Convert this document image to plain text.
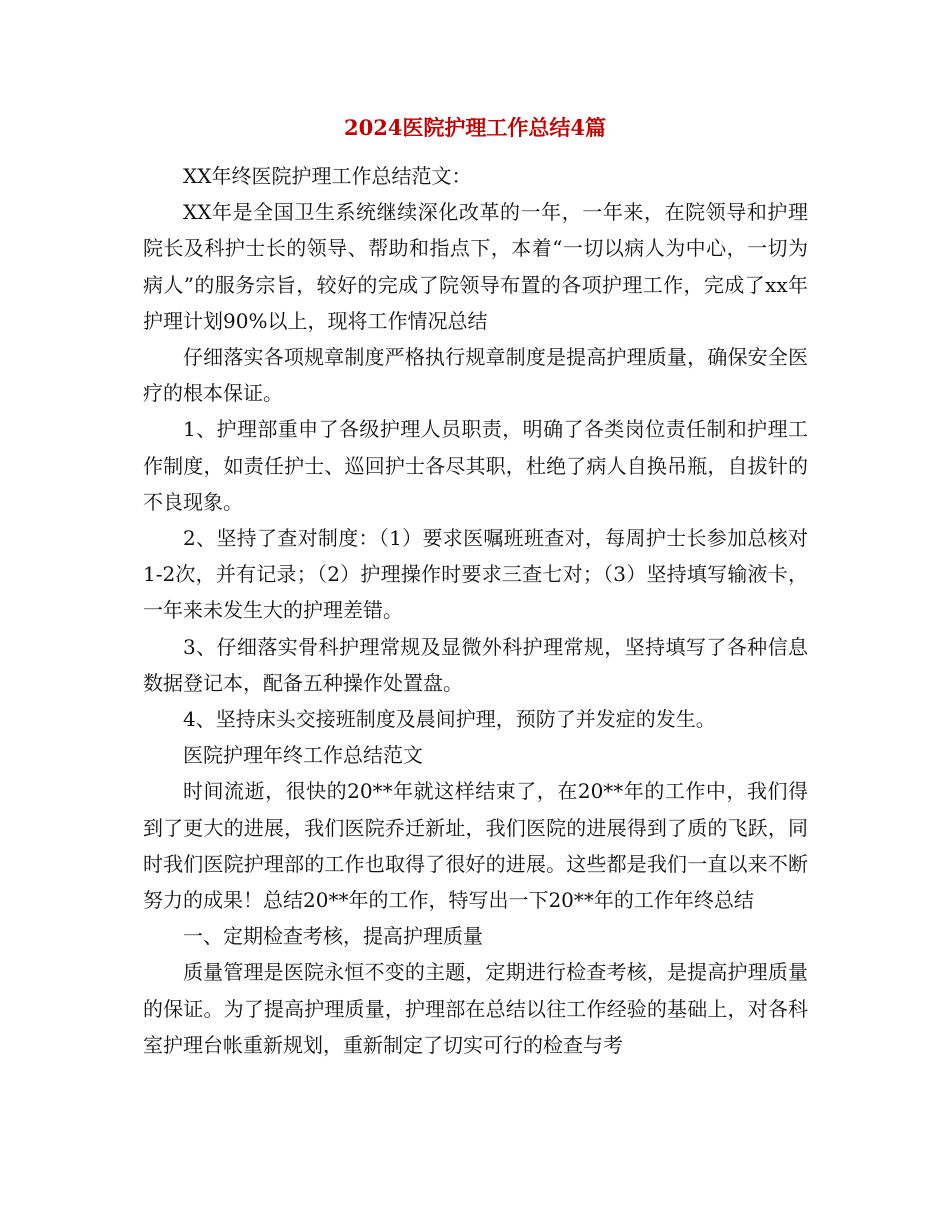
2024医院护理工作总结4篇

XX年终医院护理工作总结范文：

XX年是全国卫生系统继续深化改革的一年，一年来，在院领导和护理院长及科护士长的领导、帮助和指点下，本着“一切以病人为中心，一切为病人”的服务宗旨，较好的完成了院领导布置的各项护理工作，完成了xx年护理计划90%以上，现将工作情况总结

仔细落实各项规章制度严格执行规章制度是提高护理质量，确保安全医疗的根本保证。

1、护理部重申了各级护理人员职责，明确了各类岗位责任制和护理工作制度，如责任护士、巡回护士各尽其职，杜绝了病人自换吊瓶，自拔针的不良现象。

2、坚持了查对制度：（1）要求医嘱班班查对，每周护士长参加总核对1-2次，并有记录；（2）护理操作时要求三查七对；（3）坚持填写输液卡，一年来未发生大的护理差错。

3、仔细落实骨科护理常规及显微外科护理常规，坚持填写了各种信息数据登记本，配备五种操作处置盘。

4、坚持床头交接班制度及晨间护理，预防了并发症的发生。

医院护理年终工作总结范文

时间流逝，很快的20**年就这样结束了，在20**年的工作中，我们得到了更大的进展，我们医院乔迁新址，我们医院的进展得到了质的飞跃，同时我们医院护理部的工作也取得了很好的进展。这些都是我们一直以来不断努力的成果！总结20**年的工作，特写出一下20**年的工作年终总结

一、定期检查考核，提高护理质量

质量管理是医院永恒不变的主题，定期进行检查考核，是提高护理质量的保证。为了提高护理质量，护理部在总结以往工作经验的基础上，对各科室护理台帐重新规划，重新制定了切实可行的检查与考
